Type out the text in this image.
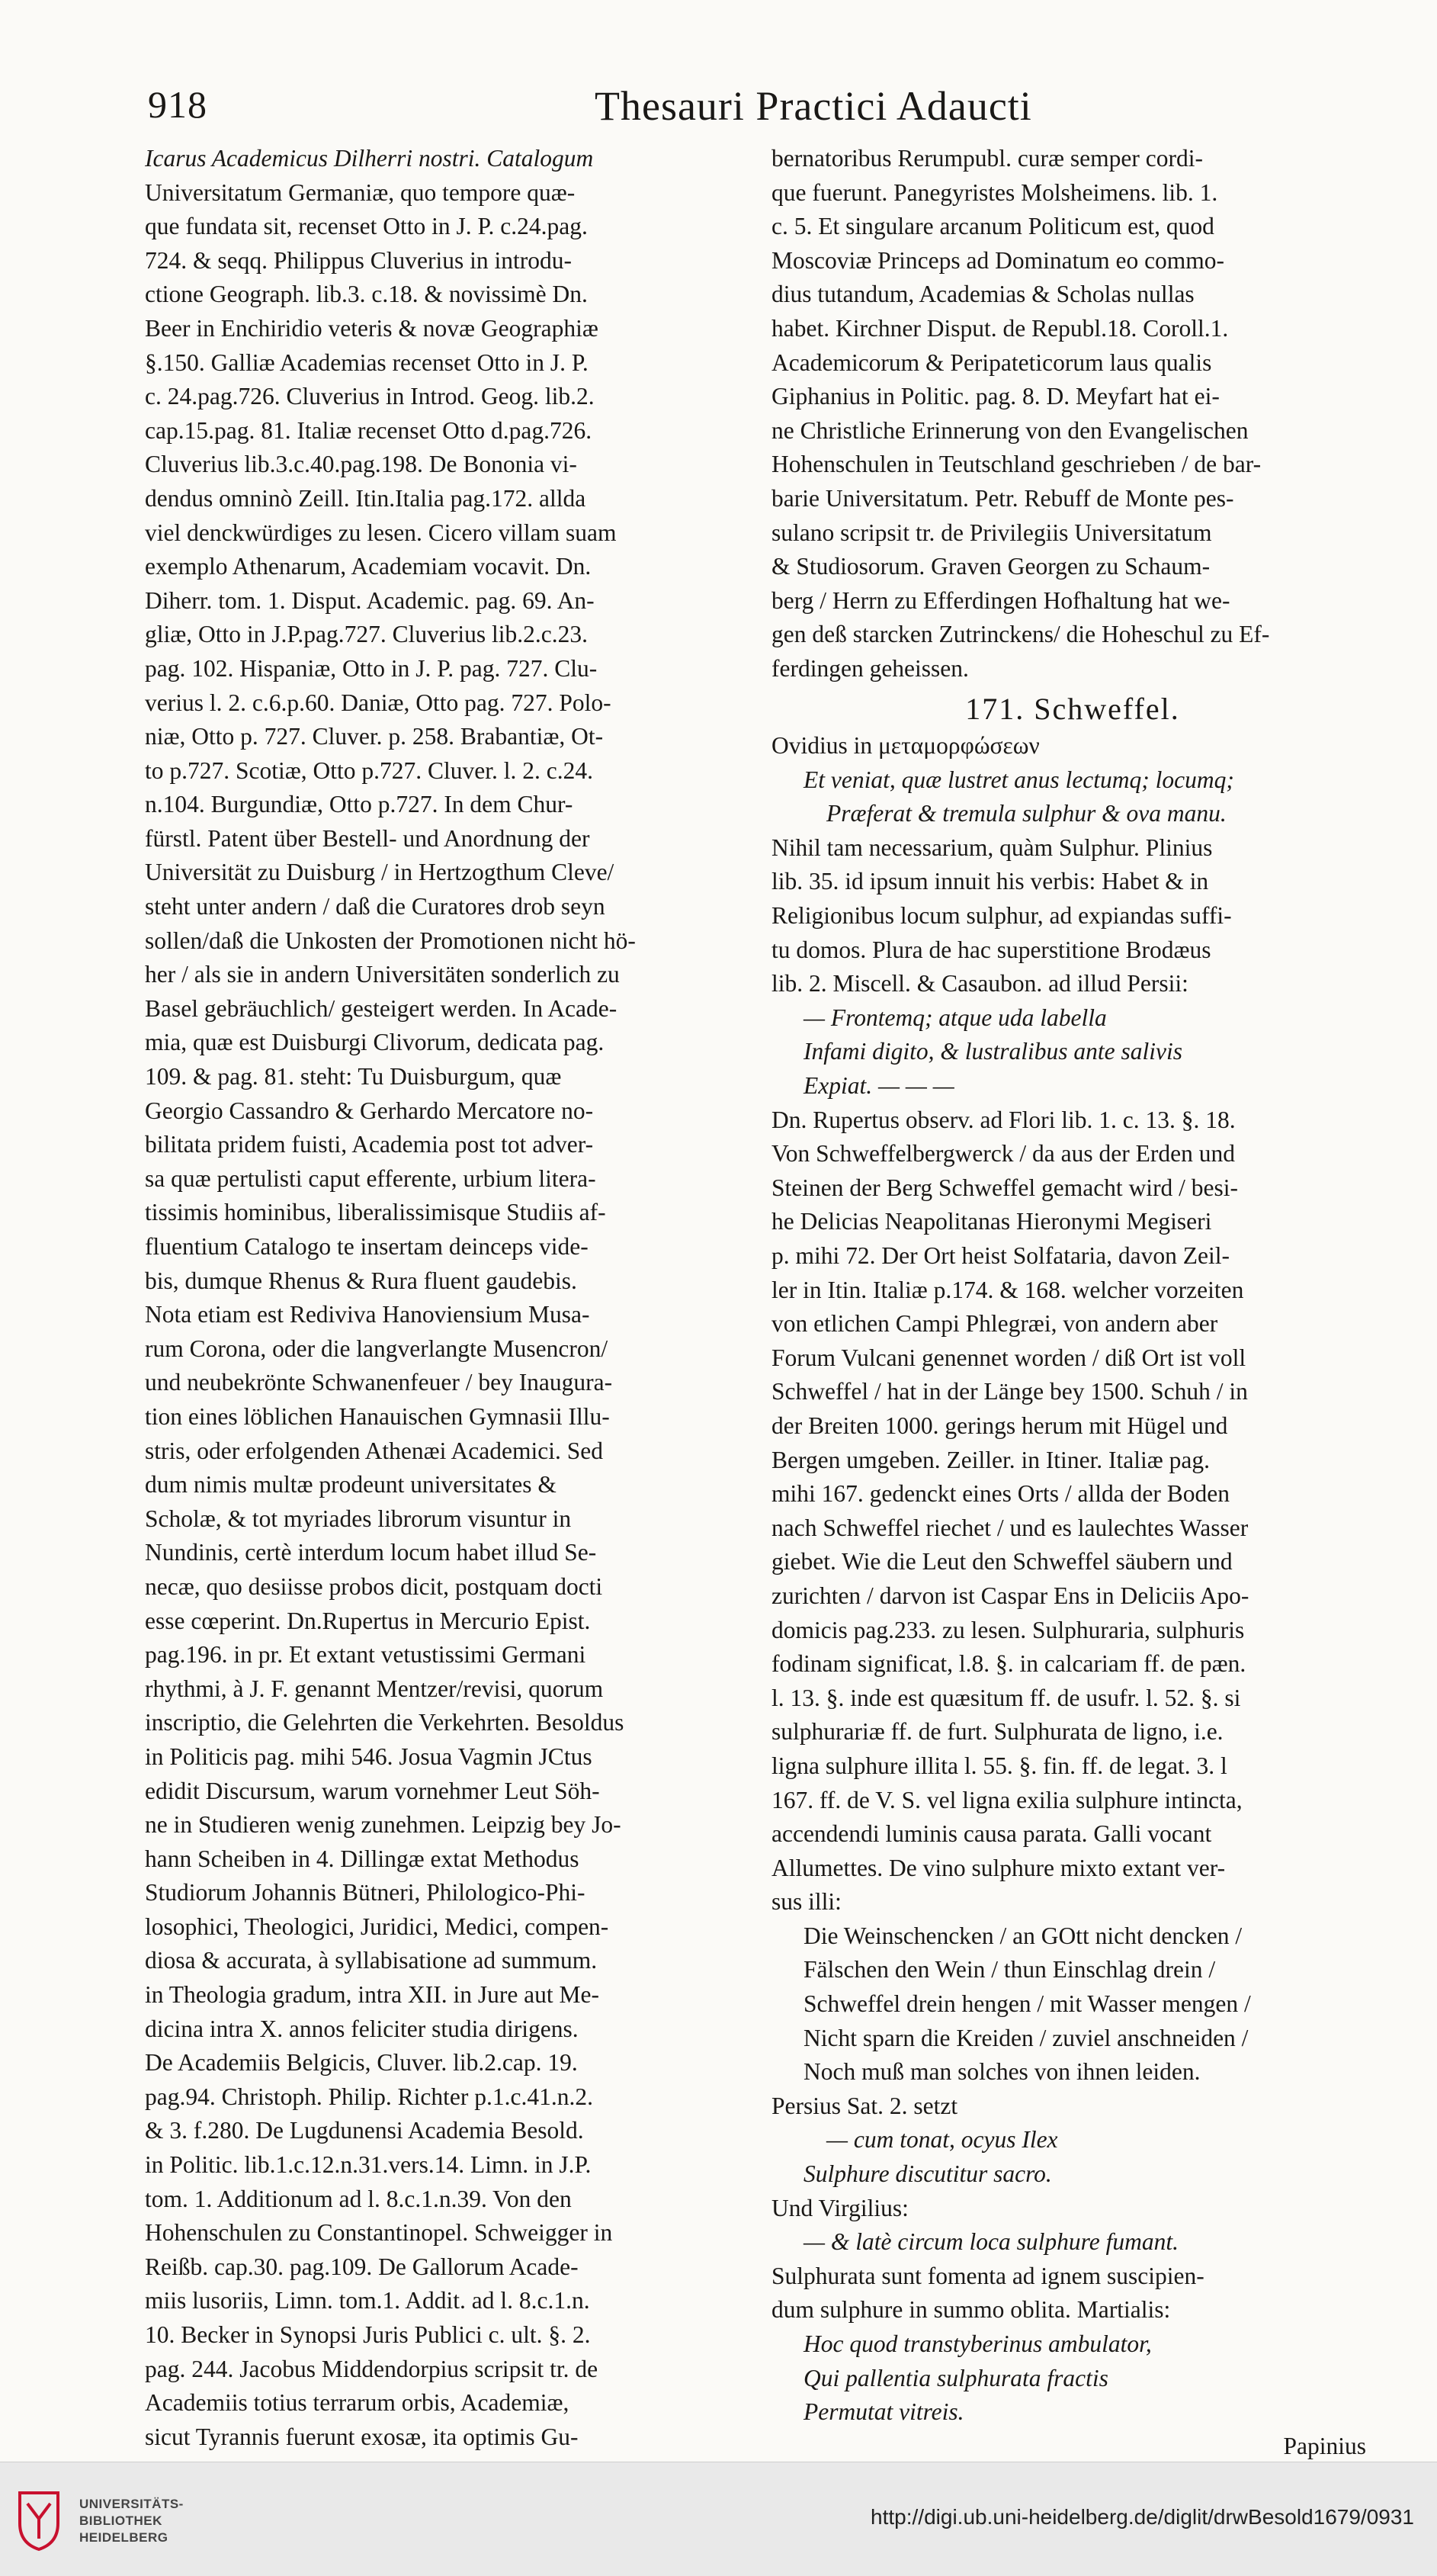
918	Thesauri Practici Adaucti
Icarus Academicus Dilherri nostri. Catalogum
Universitatum Germaniæ, quo tempore quæ-
que fundata sit, recenset Otto in J. P. c.24.pag.
724. & seqq. Philippus Cluverius in introdu-
ctione Geograph. lib.3. c.18. & novissimè Dn.
Beer in Enchiridio veteris & novæ Geographiæ
§.150. Galliæ Academias recenset Otto in J. P.
c. 24.pag.726. Cluverius in Introd. Geog. lib.2.
cap.15.pag. 81. Italiæ recenset Otto d.pag.726.
Cluverius lib.3.c.40.pag.198. De Bononia vi-
dendus omninò Zeill. Itin.Italia pag.172. allda
viel denckwürdiges zu lesen. Cicero villam suam
exemplo Athenarum, Academiam vocavit. Dn.
Diherr. tom. 1. Disput. Academic. pag. 69. An-
gliæ, Otto in J.P.pag.727. Cluverius lib.2.c.23.
pag. 102. Hispaniæ, Otto in J. P. pag. 727. Clu-
verius l. 2. c.6.p.60. Daniæ, Otto pag. 727. Polo-
niæ, Otto p. 727. Cluver. p. 258. Brabantiæ, Ot-
to p.727. Scotiæ, Otto p.727. Cluver. l. 2. c.24.
n.104. Burgundiæ, Otto p.727. In dem Chur-
fürstl. Patent über Bestell- und Anordnung der
Universität zu Duisburg / in Hertzogthum Cleve/
steht unter andern / daß die Curatores drob seyn
sollen/daß die Unkosten der Promotionen nicht hö-
her / als sie in andern Universitäten sonderlich zu
Basel gebräuchlich/ gesteigert werden. In Acade-
mia, quæ est Duisburgi Clivorum, dedicata pag.
109. & pag. 81. steht: Tu Duisburgum, quæ
Georgio Cassandro & Gerhardo Mercatore no-
bilitata pridem fuisti, Academia post tot adver-
sa quæ pertulisti caput efferente, urbium litera-
tissimis hominibus, liberalissimisque Studiis af-
fluentium Catalogo te insertam deinceps vide-
bis, dumque Rhenus & Rura fluent gaudebis.
Nota etiam est Rediviva Hanoviensium Musa-
rum Corona, oder die langverlangte Musencron/
und neubekrönte Schwanenfeuer / bey Inaugura-
tion eines löblichen Hanauischen Gymnasii Illu-
stris, oder erfolgenden Athenæi Academici. Sed
dum nimis multæ prodeunt universitates &
Scholæ, & tot myriades librorum visuntur in
Nundinis, certè interdum locum habet illud Se-
necæ, quo desiisse probos dicit, postquam docti
esse cœperint. Dn.Rupertus in Mercurio Epist.
pag.196. in pr. Et extant vetustissimi Germani
rhythmi, à J. F. genannt Mentzer/revisi, quorum
inscriptio, die Gelehrten die Verkehrten. Besoldus
in Politicis pag. mihi 546. Josua Vagmin JCtus
edidit Discursum, warum vornehmer Leut Söh-
ne in Studieren wenig zunehmen. Leipzig bey Jo-
hann Scheiben in 4. Dillingæ extat Methodus
Studiorum Johannis Bütneri, Philologico-Phi-
losophici, Theologici, Juridici, Medici, compen-
diosa & accurata, à syllabisatione ad summum.
in Theologia gradum, intra XII. in Jure aut Me-
dicina intra X. annos feliciter studia dirigens.
De Academiis Belgicis, Cluver. lib.2.cap. 19.
pag.94. Christoph. Philip. Richter p.1.c.41.n.2.
& 3. f.280. De Lugdunensi Academia Besold.
in Politic. lib.1.c.12.n.31.vers.14. Limn. in J.P.
tom. 1. Additionum ad l. 8.c.1.n.39. Von den
Hohenschulen zu Constantinopel. Schweigger in
Reißb. cap.30. pag.109. De Gallorum Acade-
miis lusoriis, Limn. tom.1. Addit. ad l. 8.c.1.n.
10. Becker in Synopsi Juris Publici c. ult. §. 2.
pag. 244. Jacobus Middendorpius scripsit tr. de
Academiis totius terrarum orbis, Academiæ,
sicut Tyrannis fuerunt exosæ, ita optimis Gu-
bernatoribus Rerumpubl. curæ semper cordi-
que fuerunt. Panegyristes Molsheimens. lib. 1.
c. 5. Et singulare arcanum Politicum est, quod
Moscoviæ Princeps ad Dominatum eo commo-
dius tutandum, Academias & Scholas nullas
habet. Kirchner Disput. de Republ.18. Coroll.1.
Academicorum & Peripateticorum laus qualis
Giphanius in Politic. pag. 8. D. Meyfart hat ei-
ne Christliche Erinnerung von den Evangelischen
Hohenschulen in Teutschland geschrieben / de bar-
barie Universitatum. Petr. Rebuff de Monte pes-
sulano scripsit tr. de Privilegiis Universitatum
& Studiosorum. Graven Georgen zu Schaum-
berg / Herrn zu Efferdingen Hofhaltung hat we-
gen deß starcken Zutrinckens/ die Hoheschul zu Ef-
ferdingen geheissen.
171. Schweffel.
Ovidius in μεταμορφώσεων
Et veniat, quæ lustret anus lectumq; locumq;
Præferat & tremula sulphur & ova manu.
Nihil tam necessarium, quàm Sulphur. Plinius
lib. 35. id ipsum innuit his verbis: Habet & in
Religionibus locum sulphur, ad expiandas suffi-
tu domos. Plura de hac superstitione Brodæus
lib. 2. Miscell. & Casaubon. ad illud Persii:
— Frontemq; atque uda labella
Infami digito, & lustralibus ante salivis
Expiat. — — —
Dn. Rupertus observ. ad Flori lib. 1. c. 13. §. 18.
Von Schweffelbergwerck / da aus der Erden und
Steinen der Berg Schweffel gemacht wird / besi-
he Delicias Neapolitanas Hieronymi Megiseri
p. mihi 72. Der Ort heist Solfataria, davon Zeil-
ler in Itin. Italiæ p.174. & 168. welcher vorzeiten
von etlichen Campi Phlegræi, von andern aber
Forum Vulcani genennet worden / diß Ort ist voll
Schweffel / hat in der Länge bey 1500. Schuh / in
der Breiten 1000. gerings herum mit Hügel und
Bergen umgeben. Zeiller. in Itiner. Italiæ pag.
mihi 167. gedenckt eines Orts / allda der Boden
nach Schweffel riechet / und es laulechtes Wasser
giebet. Wie die Leut den Schweffel säubern und
zurichten / darvon ist Caspar Ens in Deliciis Apo-
domicis pag.233. zu lesen. Sulphuraria, sulphuris
fodinam significat, l.8. §. in calcariam ff. de pæn.
l. 13. §. inde est quæsitum ff. de usufr. l. 52. §. si
sulphurariæ ff. de furt. Sulphurata de ligno, i.e.
ligna sulphure illita l. 55. §. fin. ff. de legat. 3. l
167. ff. de V. S. vel ligna exilia sulphure intincta,
accendendi luminis causa parata. Galli vocant
Allumettes. De vino sulphure mixto extant ver-
sus illi:
Die Weinschencken / an GOtt nicht dencken /
Fälschen den Wein / thun Einschlag drein /
Schweffel drein hengen / mit Wasser mengen /
Nicht sparn die Kreiden / zuviel anschneiden /
Noch muß man solches von ihnen leiden.
Persius Sat. 2. setzt
— cum tonat, ocyus Ilex
Sulphure discutitur sacro.
Und Virgilius:
— & latè circum loca sulphure fumant.
Sulphurata sunt fomenta ad ignem suscipien-
dum sulphure in summo oblita. Martialis:
Hoc quod transtyberinus ambulator,
Qui pallentia sulphurata fractis
Permutat vitreis.
Papinius
UNIVERSITÄTS-
BIBLIOTHEK
HEIDELBERG
http://digi.ub.uni-heidelberg.de/diglit/drwBesold1679/0931
